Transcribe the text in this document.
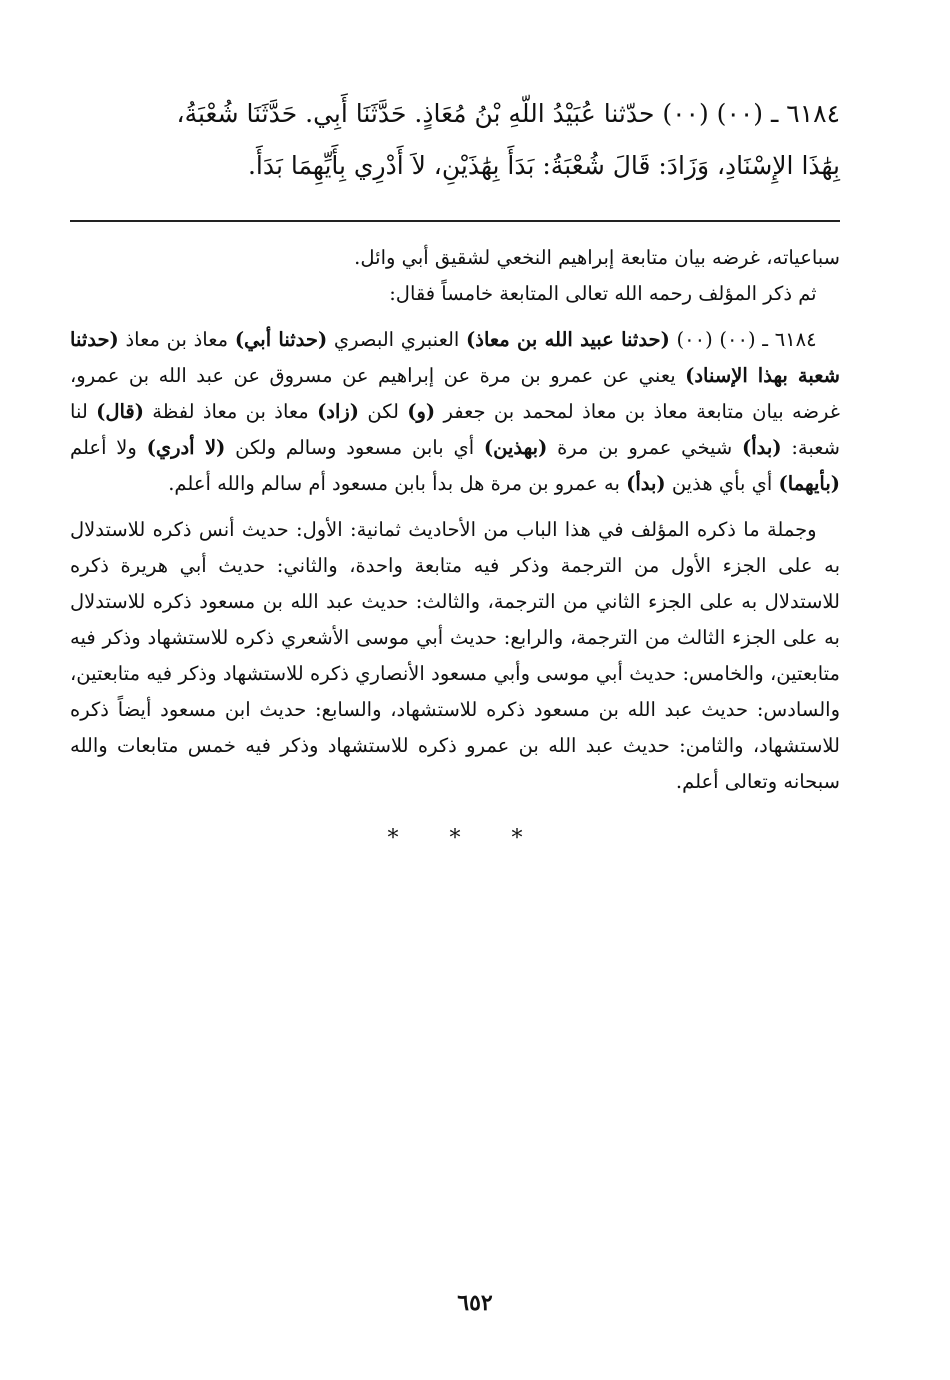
٦١٨٤ ـ (٠٠) (٠٠) حدّثنا عُبَيْدُ اللّهِ بْنُ مُعَاذٍ. حَدَّثَنَا أَبِي. حَدَّثَنَا شُعْبَةُ،

بِهَٰذَا الإِسْنَادِ، وَزَادَ: قَالَ شُعْبَةُ: بَدَأَ بِهَٰذَيْنِ، لاَ أَدْرِي بِأَيِّهِمَا بَدَأَ.

سباعياته، غرضه بيان متابعة إبراهيم النخعي لشقيق أبي وائل.

ثم ذكر المؤلف رحمه الله تعالى المتابعة خامساً فقال:

٦١٨٤ ـ (٠٠) (٠٠) (حدثنا عبيد الله بن معاذ) العنبري البصري (حدثنا أبي) معاذ بن معاذ (حدثنا شعبة بهذا الإسناد) يعني عن عمرو بن مرة عن إبراهيم عن مسروق عن عبد الله بن عمرو، غرضه بيان متابعة معاذ بن معاذ لمحمد بن جعفر (و) لكن (زاد) معاذ بن معاذ لفظة (قال) لنا شعبة: (بدأ) شيخي عمرو بن مرة (بهذين) أي بابن مسعود وسالم ولكن (لا أدري) ولا أعلم (بأيهما) أي بأي هذين (بدأ) به عمرو بن مرة هل بدأ بابن مسعود أم سالم والله أعلم.

وجملة ما ذكره المؤلف في هذا الباب من الأحاديث ثمانية: الأول: حديث أنس ذكره للاستدلال به على الجزء الأول من الترجمة وذكر فيه متابعة واحدة، والثاني: حديث أبي هريرة ذكره للاستدلال به على الجزء الثاني من الترجمة، والثالث: حديث عبد الله بن مسعود ذكره للاستدلال به على الجزء الثالث من الترجمة، والرابع: حديث أبي موسى الأشعري ذكره للاستشهاد وذكر فيه متابعتين، والخامس: حديث أبي موسى وأبي مسعود الأنصاري ذكره للاستشهاد وذكر فيه متابعتين، والسادس: حديث عبد الله بن مسعود ذكره للاستشهاد، والسابع: حديث ابن مسعود أيضاً ذكره للاستشهاد، والثامن: حديث عبد الله بن عمرو ذكره للاستشهاد وذكر فيه خمس متابعات والله سبحانه وتعالى أعلم.

* * *
٦٥٢
